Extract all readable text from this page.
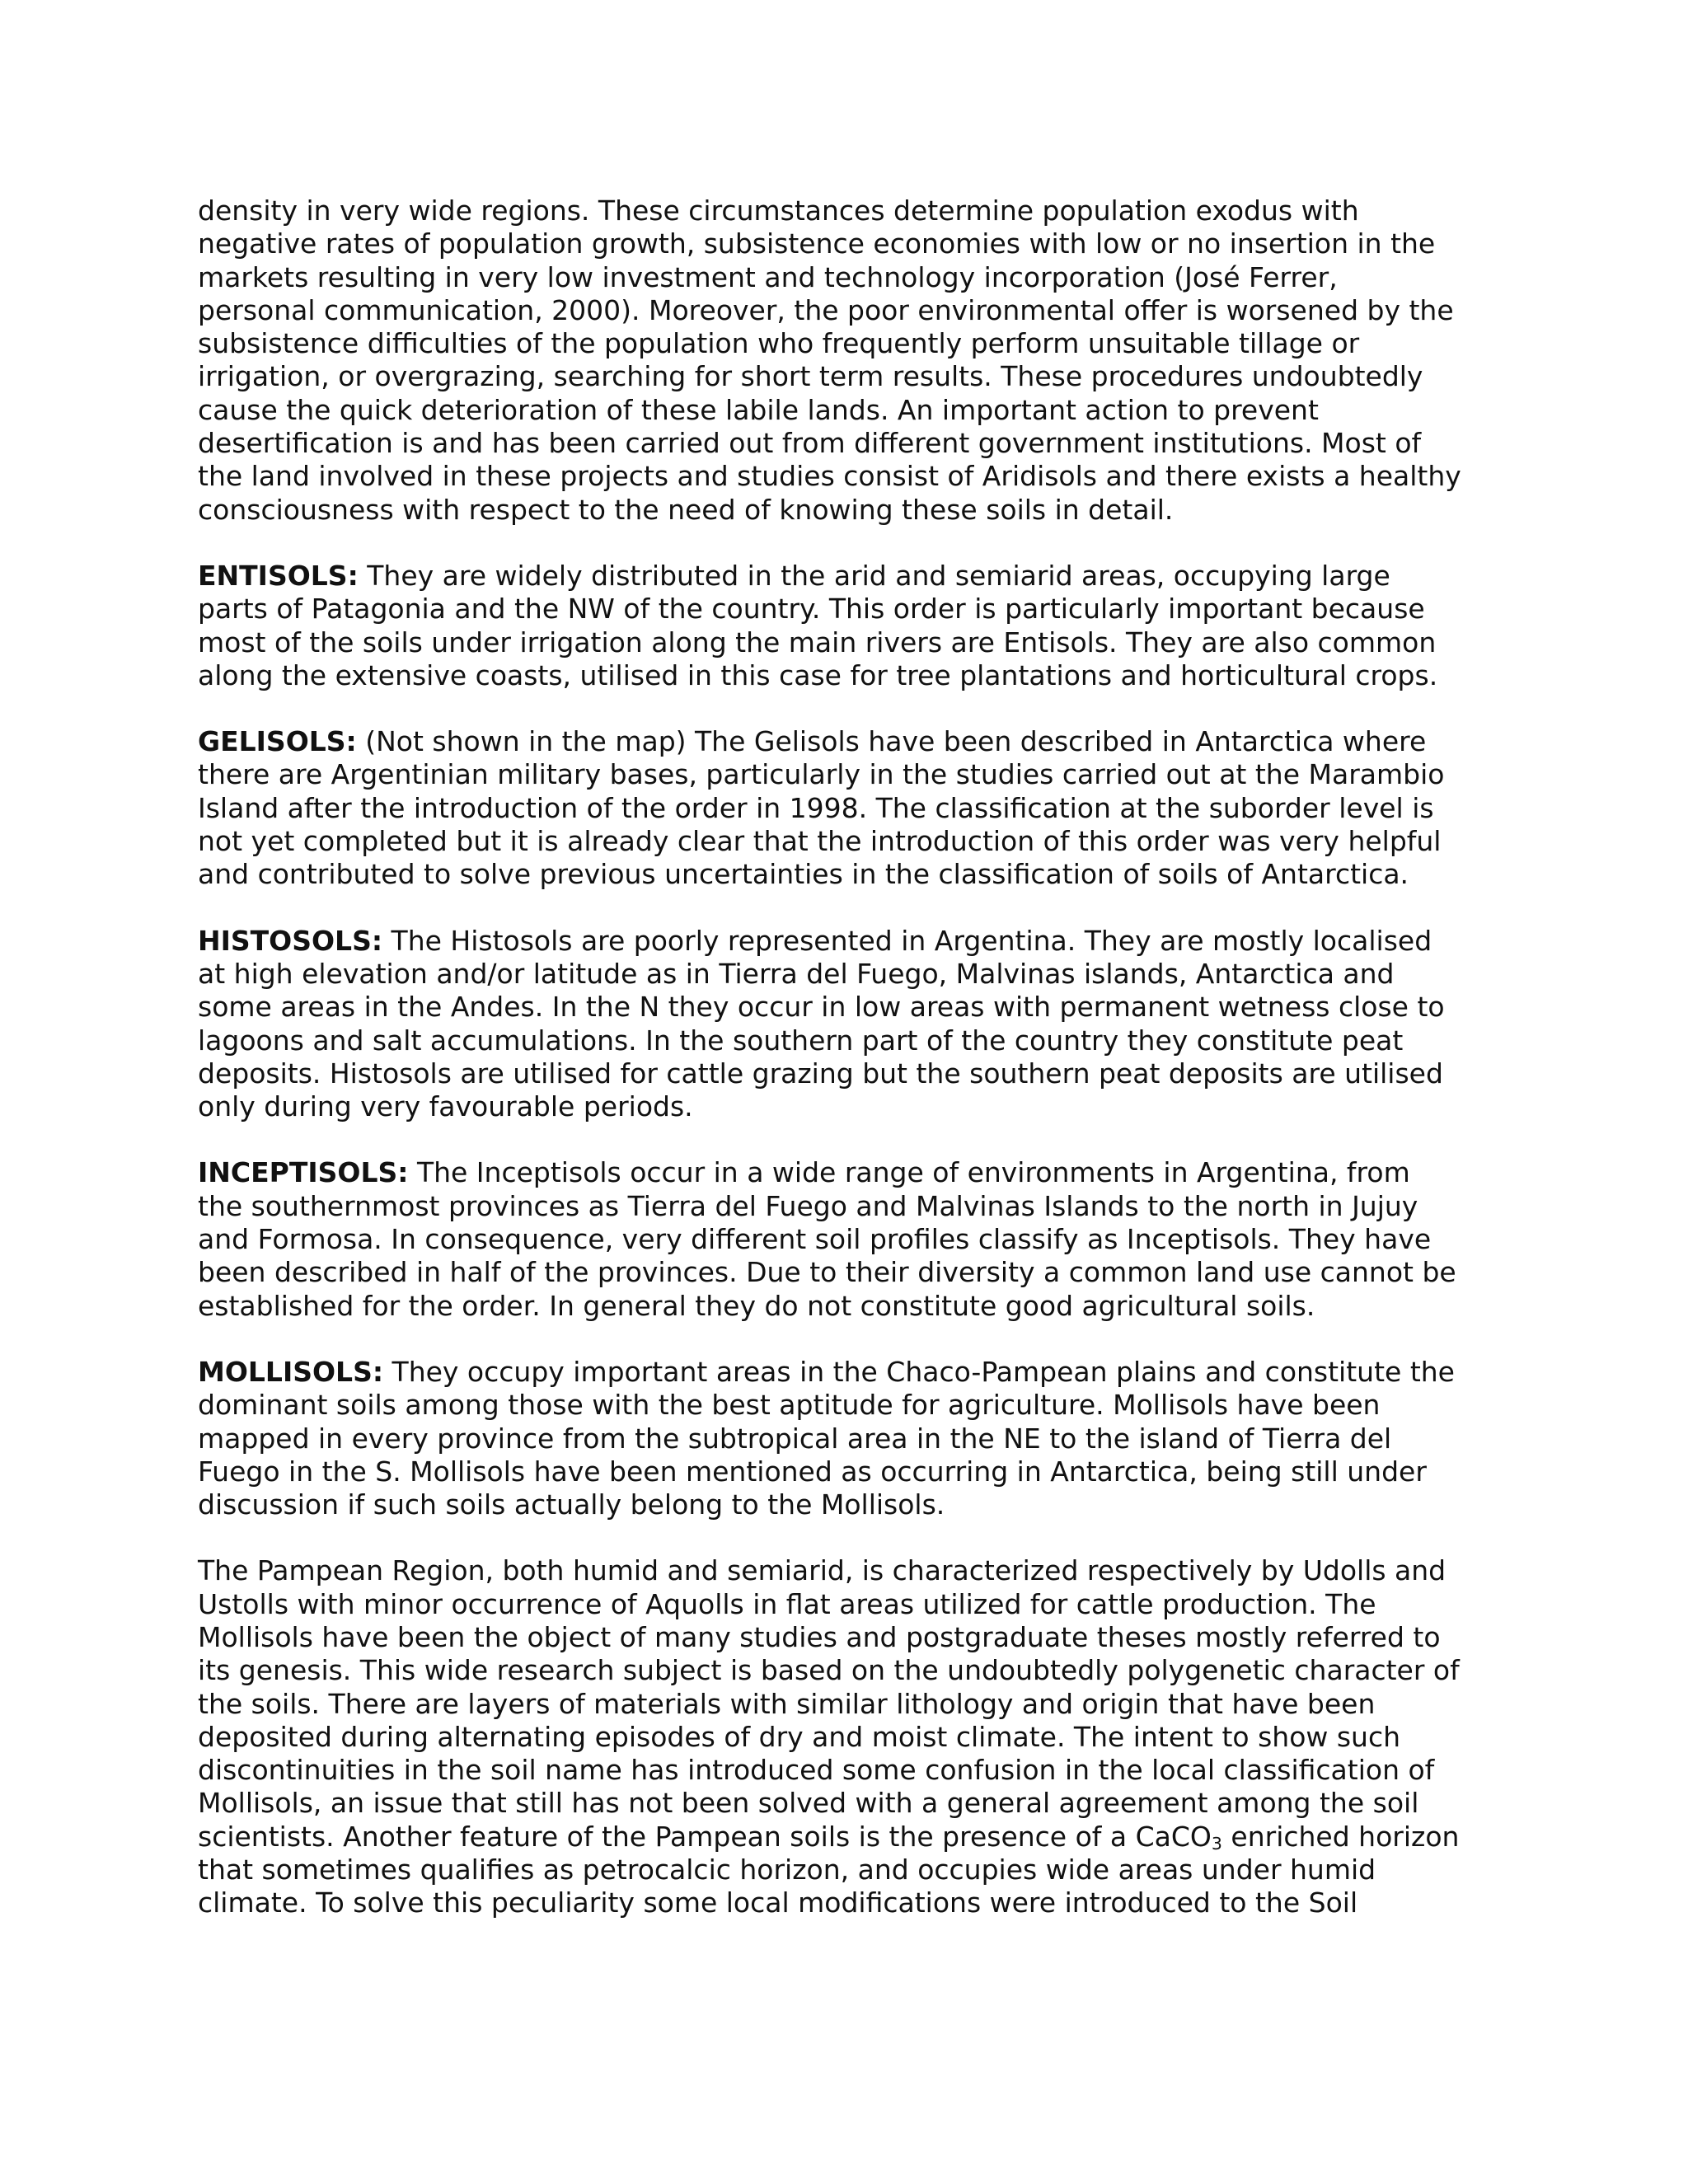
density in very wide regions. These circumstances determine population exodus with
negative rates of population growth, subsistence economies with low or no insertion in the
markets resulting in very low investment and technology incorporation (José Ferrer,
personal communication, 2000). Moreover, the poor environmental offer is worsened by the
subsistence difficulties of the population who frequently perform unsuitable tillage or
irrigation, or overgrazing, searching for short term results. These procedures undoubtedly
cause the quick deterioration of these labile lands. An important action to prevent
desertification is and has been carried out from different government institutions. Most of
the land involved in these projects and studies consist of Aridisols and there exists a healthy
consciousness with respect to the need of knowing these soils in detail.

ENTISOLS: They are widely distributed in the arid and semiarid areas, occupying large
parts of Patagonia and the NW of the country. This order is particularly important because
most of the soils under irrigation along the main rivers are Entisols. They are also common
along the extensive coasts, utilised in this case for tree plantations and horticultural crops.

GELISOLS: (Not shown in the map) The Gelisols have been described in Antarctica where
there are Argentinian military bases, particularly in the studies carried out at the Marambio
Island after the introduction of the order in 1998. The classification at the suborder level is
not yet completed but it is already clear that the introduction of this order was very helpful
and contributed to solve previous uncertainties in the classification of soils of Antarctica.

HISTOSOLS: The Histosols are poorly represented in Argentina. They are mostly localised
at high elevation and/or latitude as in Tierra del Fuego, Malvinas islands, Antarctica and
some areas in the Andes. In the N they occur in low areas with permanent wetness close to
lagoons and salt accumulations. In the southern part of the country they constitute peat
deposits. Histosols are utilised for cattle grazing but the southern peat deposits are utilised
only during very favourable periods.

INCEPTISOLS: The Inceptisols occur in a wide range of environments in Argentina, from
the southernmost provinces as Tierra del Fuego and Malvinas Islands to the north in Jujuy
and Formosa. In consequence, very different soil profiles classify as Inceptisols. They have
been described in half of the provinces. Due to their diversity a common land use cannot be
established for the order. In general they do not constitute good agricultural soils.

MOLLISOLS: They occupy important areas in the Chaco-Pampean plains and constitute the
dominant soils among those with the best aptitude for agriculture. Mollisols have been
mapped in every province from the subtropical area in the NE to the island of Tierra del
Fuego in the S. Mollisols have been mentioned as occurring in Antarctica, being still under
discussion if such soils actually belong to the Mollisols.

The Pampean Region, both humid and semiarid, is characterized respectively by Udolls and
Ustolls with minor occurrence of Aquolls in flat areas utilized for cattle production. The
Mollisols have been the object of many studies and postgraduate theses mostly referred to
its genesis. This wide research subject is based on the undoubtedly polygenetic character of
the soils. There are layers of materials with similar lithology and origin that have been
deposited during alternating episodes of dry and moist climate. The intent to show such
discontinuities in the soil name has introduced some confusion in the local classification of
Mollisols, an issue that still has not been solved with a general agreement among the soil
scientists. Another feature of the Pampean soils is the presence of a CaCO$_3$ enriched horizon
that sometimes qualifies as petrocalcic horizon, and occupies wide areas under humid
climate. To solve this peculiarity some local modifications were introduced to the Soil
